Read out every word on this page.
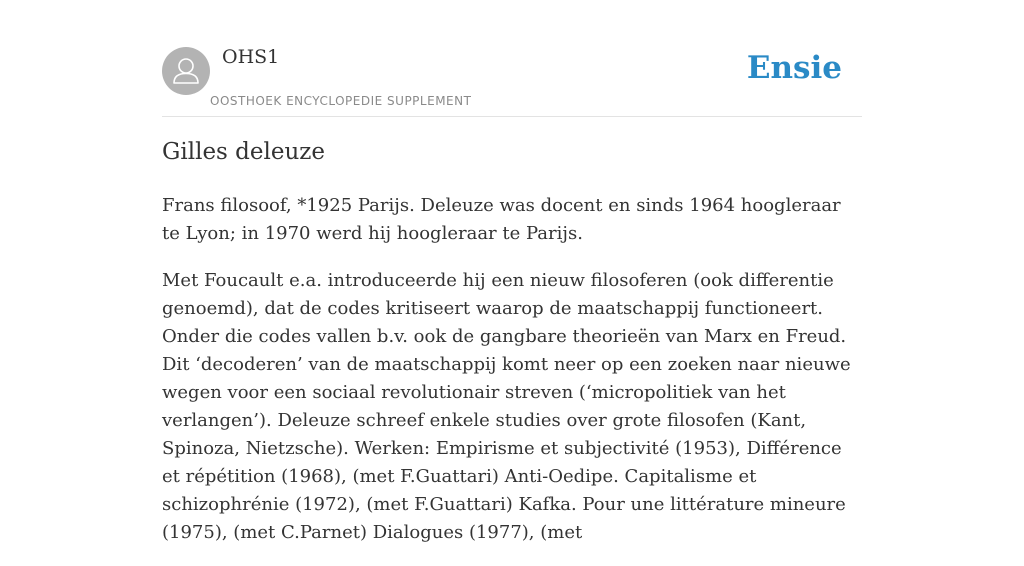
OHS1
OOSTHOEK ENCYCLOPEDIE SUPPLEMENT
Ensie
Gilles deleuze

Frans filosoof, *1925 Parijs. Deleuze was docent en sinds 1964 hoogleraar te Lyon; in 1970 werd hij hoogleraar te Parijs.

Met Foucault e.a. introduceerde hij een nieuw filosoferen (ook differentie genoemd), dat de codes kritiseert waarop de maatschappij functioneert. Onder die codes vallen b.v. ook de gangbare theorieën van Marx en Freud. Dit ‘decoderen’ van de maatschappij komt neer op een zoeken naar nieuwe wegen voor een sociaal revolutionair streven (‘micropolitiek van het verlangen’). Deleuze schreef enkele studies over grote filosofen (Kant, Spinoza, Nietzsche). Werken: Empirisme et subjectivité (1953), Différence et répétition (1968), (met F.Guattari) Anti-Oedipe. Capitalisme et schizophrénie (1972), (met F.Guattari) Kafka. Pour une littérature mineure (1975), (met C.Parnet) Dialogues (1977), (met
